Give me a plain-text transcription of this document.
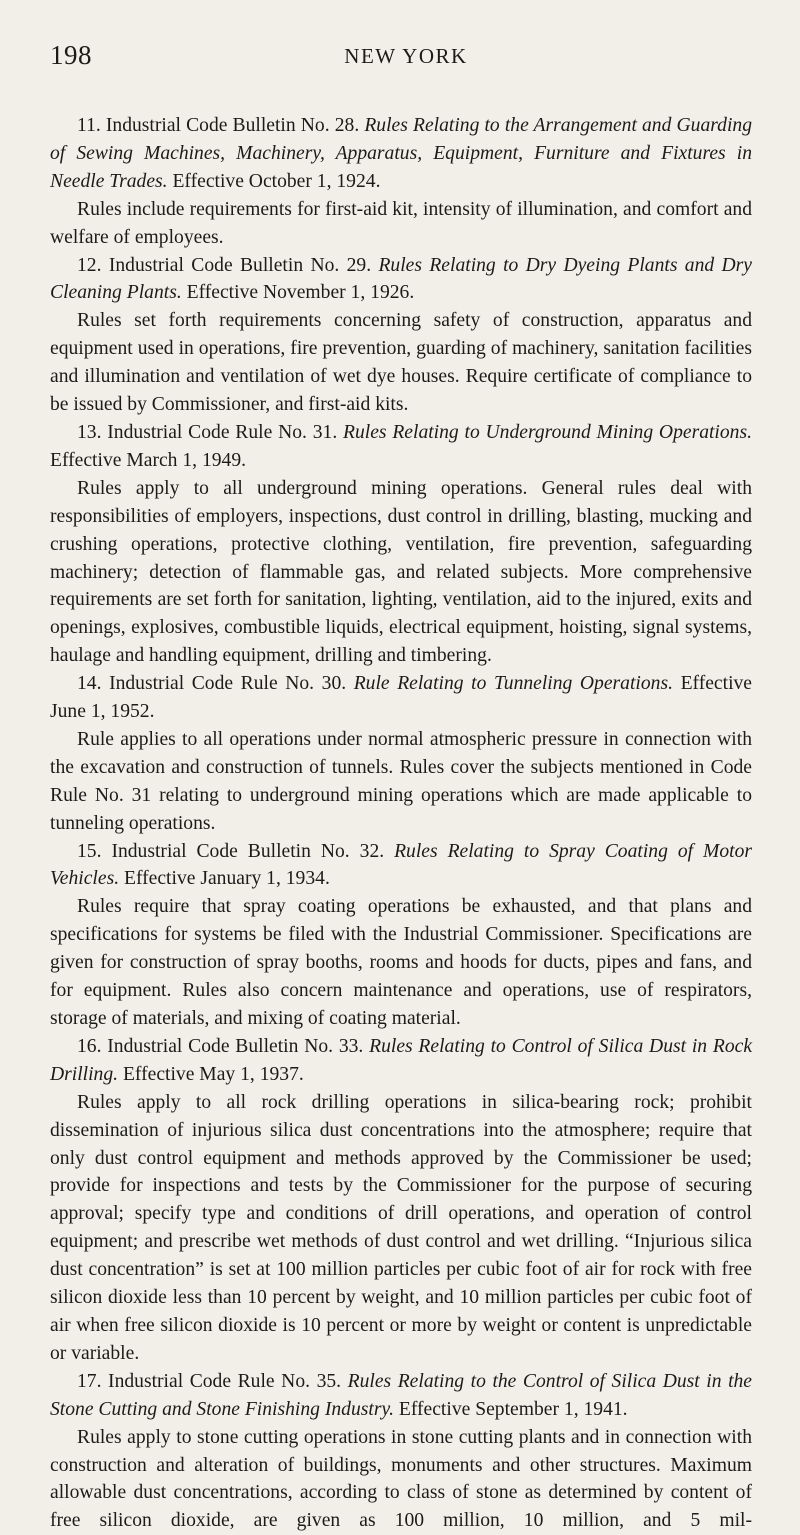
198	NEW YORK

11. Industrial Code Bulletin No. 28. Rules Relating to the Arrangement and Guarding of Sewing Machines, Machinery, Apparatus, Equipment, Furniture and Fixtures in Needle Trades. Effective October 1, 1924.

Rules include requirements for first-aid kit, intensity of illumination, and comfort and welfare of employees.

12. Industrial Code Bulletin No. 29. Rules Relating to Dry Dyeing Plants and Dry Cleaning Plants. Effective November 1, 1926.

Rules set forth requirements concerning safety of construction, apparatus and equipment used in operations, fire prevention, guarding of machinery, sanitation facilities and illumination and ventilation of wet dye houses. Require certificate of compliance to be issued by Commissioner, and first-aid kits.

13. Industrial Code Rule No. 31. Rules Relating to Underground Mining Operations. Effective March 1, 1949.

Rules apply to all underground mining operations. General rules deal with responsibilities of employers, inspections, dust control in drilling, blasting, mucking and crushing operations, protective clothing, ventilation, fire prevention, safeguarding machinery; detection of flammable gas, and related subjects. More comprehensive requirements are set forth for sanitation, lighting, ventilation, aid to the injured, exits and openings, explosives, combustible liquids, electrical equipment, hoisting, signal systems, haulage and handling equipment, drilling and timbering.

14. Industrial Code Rule No. 30. Rule Relating to Tunneling Operations. Effective June 1, 1952.

Rule applies to all operations under normal atmospheric pressure in connection with the excavation and construction of tunnels. Rules cover the subjects mentioned in Code Rule No. 31 relating to underground mining operations which are made applicable to tunneling operations.

15. Industrial Code Bulletin No. 32. Rules Relating to Spray Coating of Motor Vehicles. Effective January 1, 1934.

Rules require that spray coating operations be exhausted, and that plans and specifications for systems be filed with the Industrial Commissioner. Specifications are given for construction of spray booths, rooms and hoods for ducts, pipes and fans, and for equipment. Rules also concern maintenance and operations, use of respirators, storage of materials, and mixing of coating material.

16. Industrial Code Bulletin No. 33. Rules Relating to Control of Silica Dust in Rock Drilling. Effective May 1, 1937.

Rules apply to all rock drilling operations in silica-bearing rock; prohibit dissemination of injurious silica dust concentrations into the atmosphere; require that only dust control equipment and methods approved by the Commissioner be used; provide for inspections and tests by the Commissioner for the purpose of securing approval; specify type and conditions of drill operations, and operation of control equipment; and prescribe wet methods of dust control and wet drilling. “Injurious silica dust concentration” is set at 100 million particles per cubic foot of air for rock with free silicon dioxide less than 10 percent by weight, and 10 million particles per cubic foot of air when free silicon dioxide is 10 percent or more by weight or content is unpredictable or variable.

17. Industrial Code Rule No. 35. Rules Relating to the Control of Silica Dust in the Stone Cutting and Stone Finishing Industry. Effective September 1, 1941.

Rules apply to stone cutting operations in stone cutting plants and in connection with construction and alteration of buildings, monuments and other structures. Maximum allowable dust concentrations, according to class of stone as determined by content of free silicon dioxide, are given as 100 million, 10 million, and 5 mil-
